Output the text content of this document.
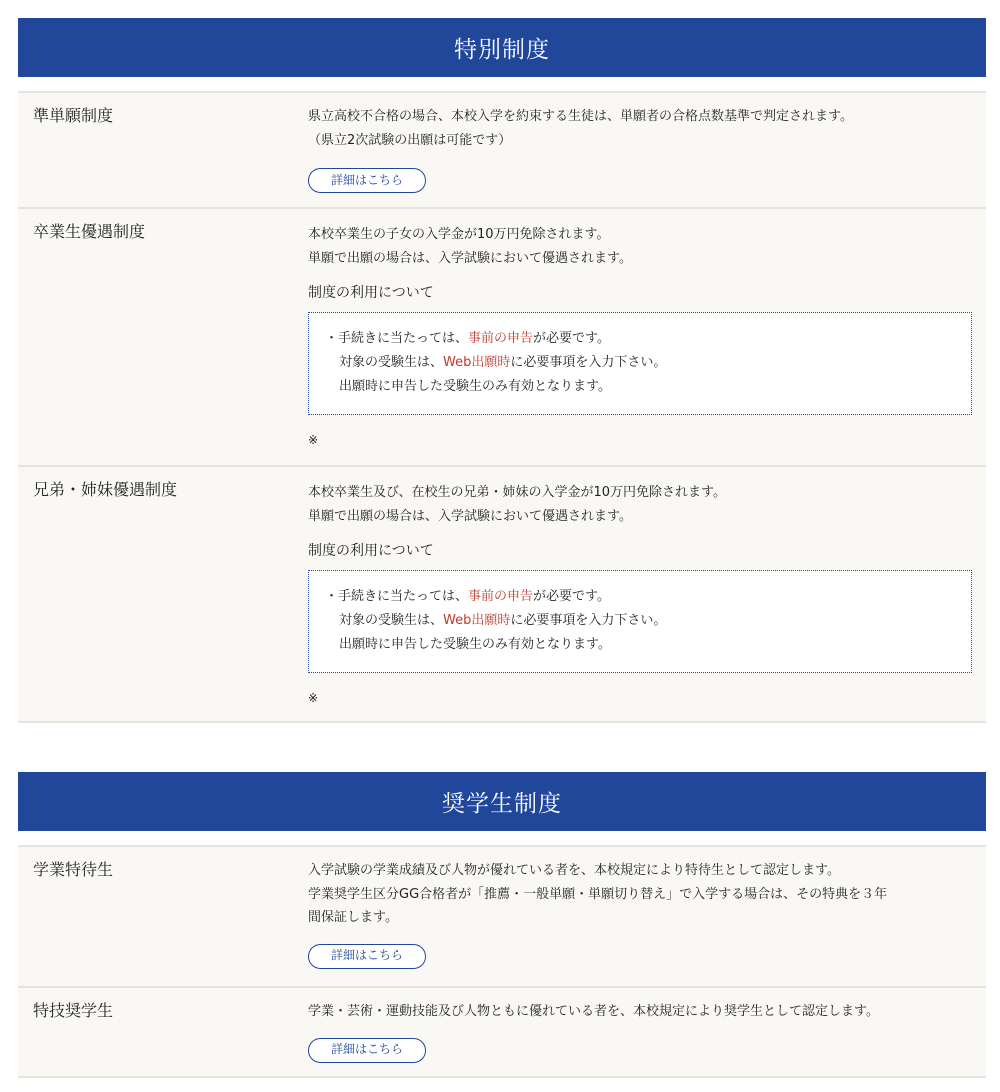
特別制度
準単願制度	県立高校不合格の場合、本校入学を約束する生徒は、単願者の合格点数基準で判定されます。
（県立2次試験の出願は可能です）
詳細はこちら
卒業生優遇制度	本校卒業生の子女の入学金が10万円免除されます。
単願で出願の場合は、入学試験において優遇されます。
制度の利用について
・手続きに当たっては、事前の申告が必要です。
対象の受験生は、Web出願時に必要事項を入力下さい。
出願時に申告した受験生のみ有効となります。
※
兄弟・姉妹優遇制度	本校卒業生及び、在校生の兄弟・姉妹の入学金が10万円免除されます。
単願で出願の場合は、入学試験において優遇されます。
制度の利用について
・手続きに当たっては、事前の申告が必要です。
対象の受験生は、Web出願時に必要事項を入力下さい。
出願時に申告した受験生のみ有効となります。
※
奨学生制度
学業特待生	入学試験の学業成績及び人物が優れている者を、本校規定により特待生として認定します。
学業奨学生区分GG合格者が「推薦・一般単願・単願切り替え」で入学する場合は、その特典を３年
間保証します。
詳細はこちら
特技奨学生	学業・芸術・運動技能及び人物ともに優れている者を、本校規定により奨学生として認定します。
詳細はこちら
